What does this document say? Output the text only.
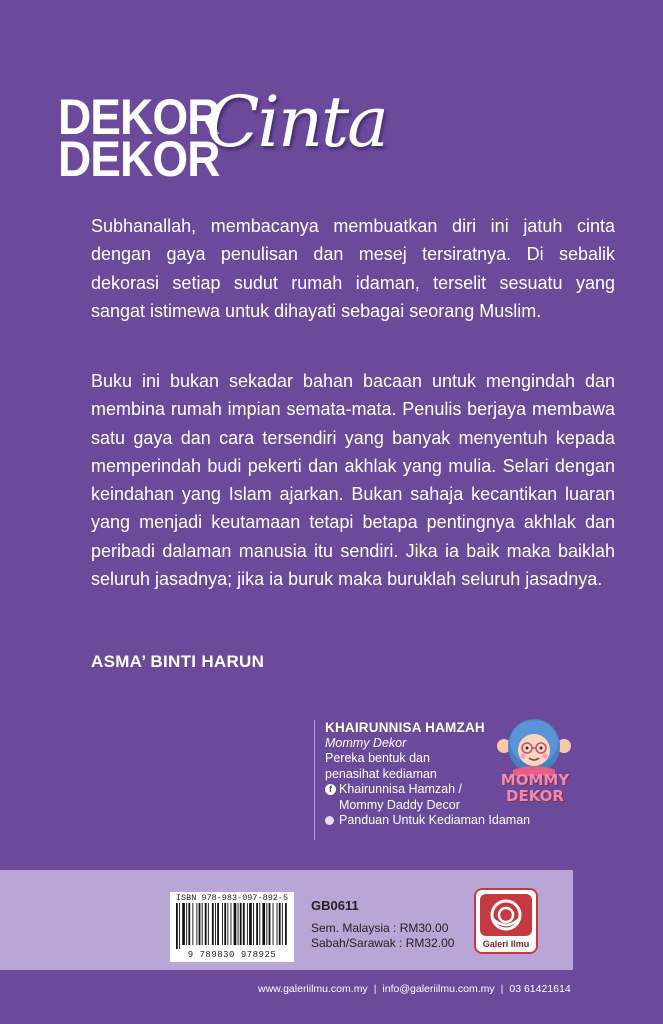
DEKOR
DEKOR
Cinta

Subhanallah, membacanya membuatkan diri ini jatuh cinta dengan gaya penulisan dan mesej tersiratnya. Di sebalik dekorasi setiap sudut rumah idaman, terselit sesuatu yang sangat istimewa untuk dihayati sebagai seorang Muslim.

Buku ini bukan sekadar bahan bacaan untuk mengindah dan membina rumah impian semata-mata. Penulis berjaya membawa satu gaya dan cara tersendiri yang banyak menyentuh kepada memperindah budi pekerti dan akhlak yang mulia. Selari dengan keindahan yang Islam ajarkan. Bukan sahaja kecantikan luaran yang menjadi keutamaan tetapi betapa pentingnya akhlak dan peribadi dalaman manusia itu sendiri. Jika ia baik maka baiklah seluruh jasadnya; jika ia buruk maka buruklah seluruh jasadnya.

ASMA’ BINTI HARUN
KHAIRUNNISA HAMZAH
Mommy Dekor
Pereka bentuk dan
penasihat kediaman
f Khairunnisa Hamzah /
Mommy Daddy Decor
Panduan Untuk Kediaman Idaman
MOMMY
DEKOR
ISBN 978-983-097-892-5
9 789830 978925
GB0611
Sem. Malaysia : RM30.00
Sabah/Sarawak : RM32.00	Galeri Ilmu
www.galeriilmu.com.my | info@galeriilmu.com.my | 03 61421614
